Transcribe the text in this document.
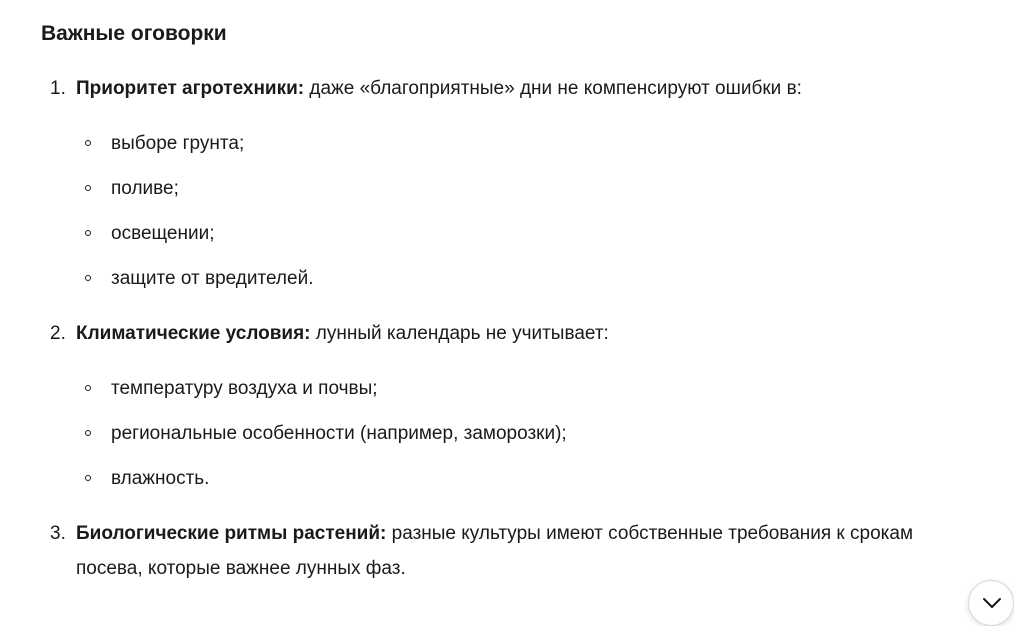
Важные оговорки
1. Приоритет агротехники: даже «благоприятные» дни не компенсируют ошибки в:
выборе грунта;
поливе;
освещении;
защите от вредителей.
2. Климатические условия: лунный календарь не учитывает:
температуру воздуха и почвы;
региональные особенности (например, заморозки);
влажность.
3. Биологические ритмы растений: разные культуры имеют собственные требования к срокам посева, которые важнее лунных фаз.
